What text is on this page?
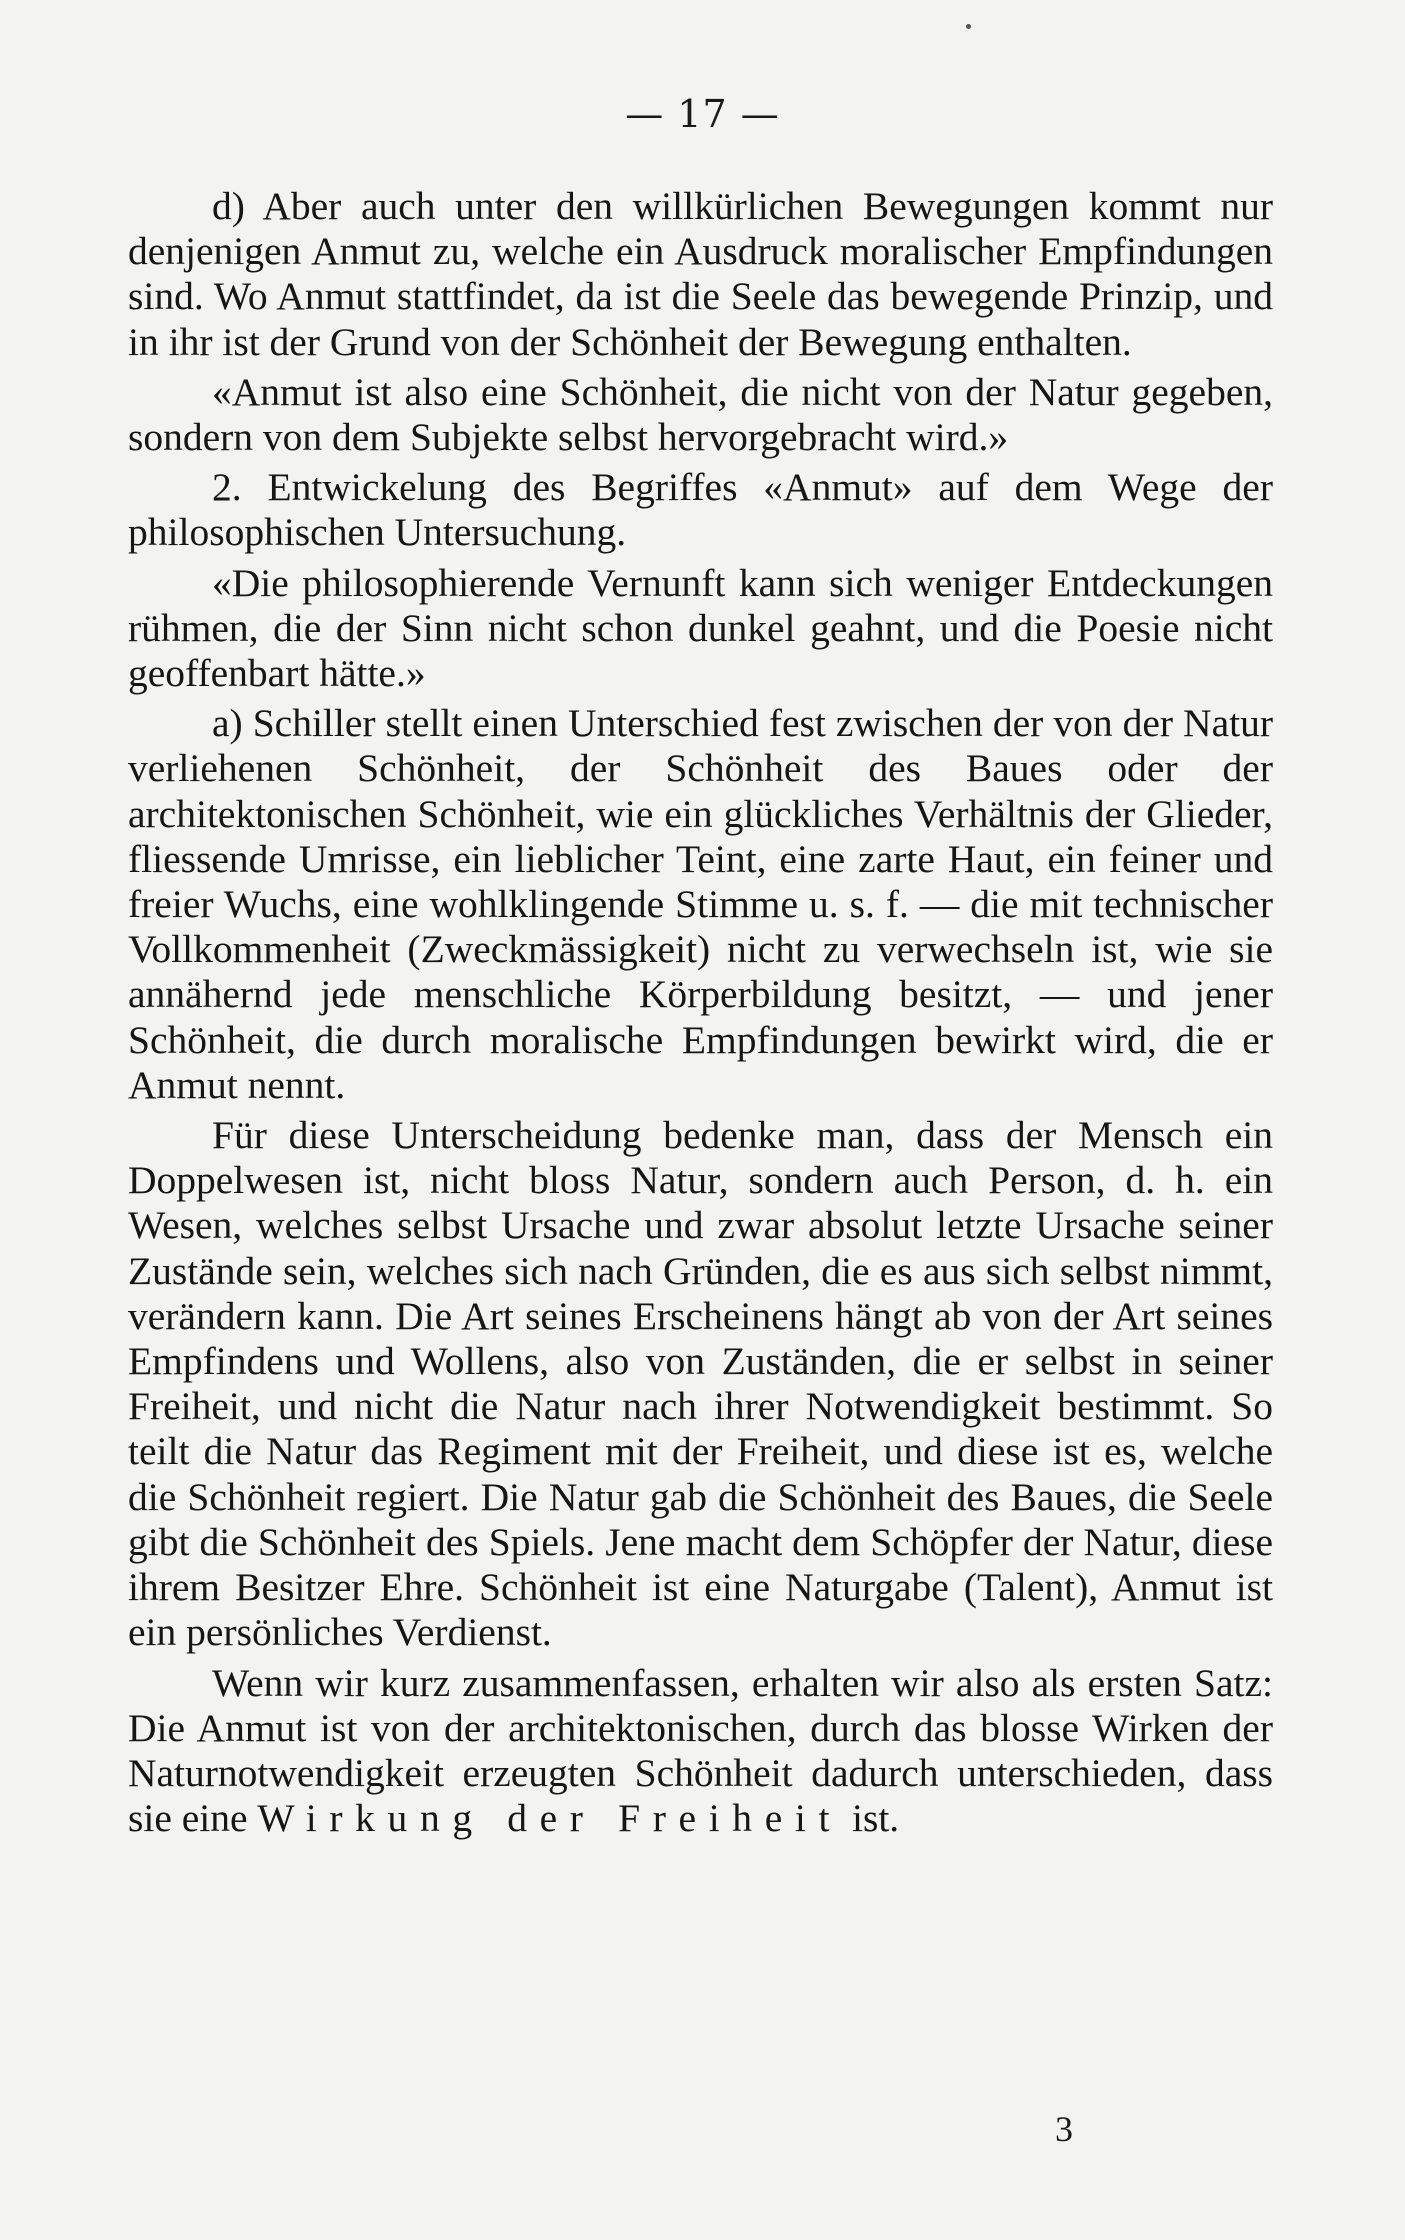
— 17 —

d) Aber auch unter den willkürlichen Bewegungen kommt nur denjenigen Anmut zu, welche ein Ausdruck moralischer Empfindungen sind. Wo Anmut stattfindet, da ist die Seele das bewegende Prinzip, und in ihr ist der Grund von der Schönheit der Bewegung enthalten.

«Anmut ist also eine Schönheit, die nicht von der Natur gegeben, sondern von dem Subjekte selbst hervorgebracht wird.»

2. Entwickelung des Begriffes «Anmut» auf dem Wege der philosophischen Untersuchung.

«Die philosophierende Vernunft kann sich weniger Entdeckungen rühmen, die der Sinn nicht schon dunkel geahnt, und die Poesie nicht geoffenbart hätte.»

a) Schiller stellt einen Unterschied fest zwischen der von der Natur verliehenen Schönheit, der Schönheit des Baues oder der architektonischen Schönheit, wie ein glückliches Verhältnis der Glieder, fliessende Umrisse, ein lieblicher Teint, eine zarte Haut, ein feiner und freier Wuchs, eine wohlklingende Stimme u. s. f. — die mit technischer Vollkommenheit (Zweckmässigkeit) nicht zu verwechseln ist, wie sie annähernd jede menschliche Körperbildung besitzt, — und jener Schönheit, die durch moralische Empfindungen bewirkt wird, die er Anmut nennt.

Für diese Unterscheidung bedenke man, dass der Mensch ein Doppelwesen ist, nicht bloss Natur, sondern auch Person, d. h. ein Wesen, welches selbst Ursache und zwar absolut letzte Ursache seiner Zustände sein, welches sich nach Gründen, die es aus sich selbst nimmt, verändern kann. Die Art seines Erscheinens hängt ab von der Art seines Empfindens und Wollens, also von Zuständen, die er selbst in seiner Freiheit, und nicht die Natur nach ihrer Notwendigkeit bestimmt. So teilt die Natur das Regiment mit der Freiheit, und diese ist es, welche die Schönheit regiert. Die Natur gab die Schönheit des Baues, die Seele gibt die Schönheit des Spiels. Jene macht dem Schöpfer der Natur, diese ihrem Besitzer Ehre. Schönheit ist eine Naturgabe (Talent), Anmut ist ein persönliches Verdienst.

Wenn wir kurz zusammenfassen, erhalten wir also als ersten Satz: Die Anmut ist von der architektonischen, durch das blosse Wirken der Naturnotwendigkeit erzeugten Schönheit dadurch unterschieden, dass sie eine Wirkung der Freiheit ist.

3
